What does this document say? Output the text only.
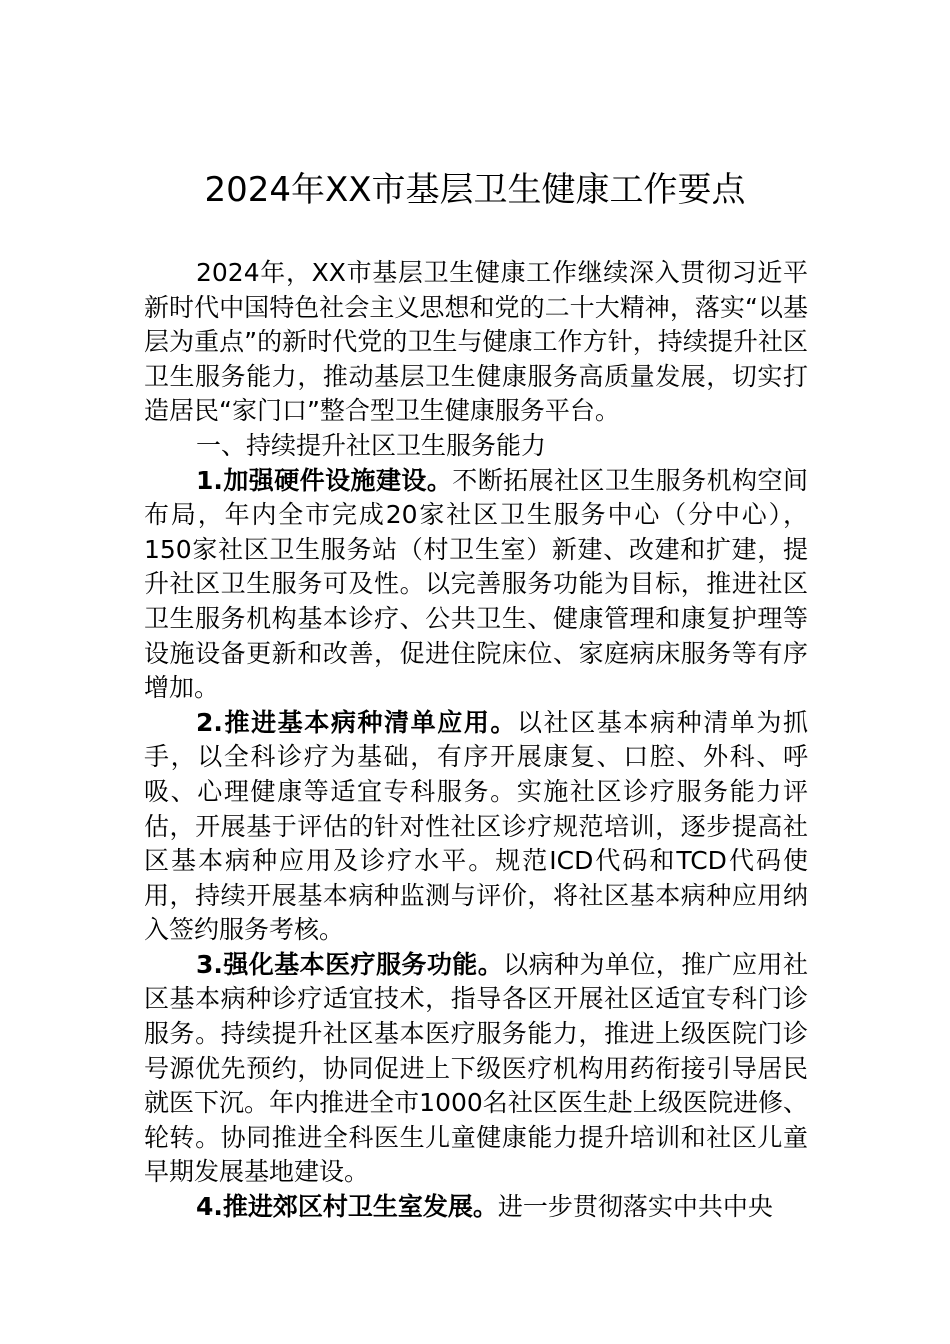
2024年XX市基层卫生健康工作要点

2024年，XX市基层卫生健康工作继续深入贯彻习近平新时代中国特色社会主义思想和党的二十大精神，落实“以基层为重点”的新时代党的卫生与健康工作方针，持续提升社区卫生服务能力，推动基层卫生健康服务高质量发展，切实打造居民“家门口”整合型卫生健康服务平台。

一、持续提升社区卫生服务能力

1.加强硬件设施建设。不断拓展社区卫生服务机构空间布局，年内全市完成20家社区卫生服务中心（分中心），150家社区卫生服务站（村卫生室）新建、改建和扩建，提升社区卫生服务可及性。以完善服务功能为目标，推进社区卫生服务机构基本诊疗、公共卫生、健康管理和康复护理等设施设备更新和改善，促进住院床位、家庭病床服务等有序增加。

2.推进基本病种清单应用。以社区基本病种清单为抓手，以全科诊疗为基础，有序开展康复、口腔、外科、呼吸、心理健康等适宜专科服务。实施社区诊疗服务能力评估，开展基于评估的针对性社区诊疗规范培训，逐步提高社区基本病种应用及诊疗水平。规范ICD代码和TCD代码使用，持续开展基本病种监测与评价，将社区基本病种应用纳入签约服务考核。

3.强化基本医疗服务功能。以病种为单位，推广应用社区基本病种诊疗适宜技术，指导各区开展社区适宜专科门诊服务。持续提升社区基本医疗服务能力，推进上级医院门诊号源优先预约，协同促进上下级医疗机构用药衔接引导居民就医下沉。年内推进全市1000名社区医生赴上级医院进修、轮转。协同推进全科医生儿童健康能力提升培训和社区儿童早期发展基地建设。

4.推进郊区村卫生室发展。进一步贯彻落实中共中央
